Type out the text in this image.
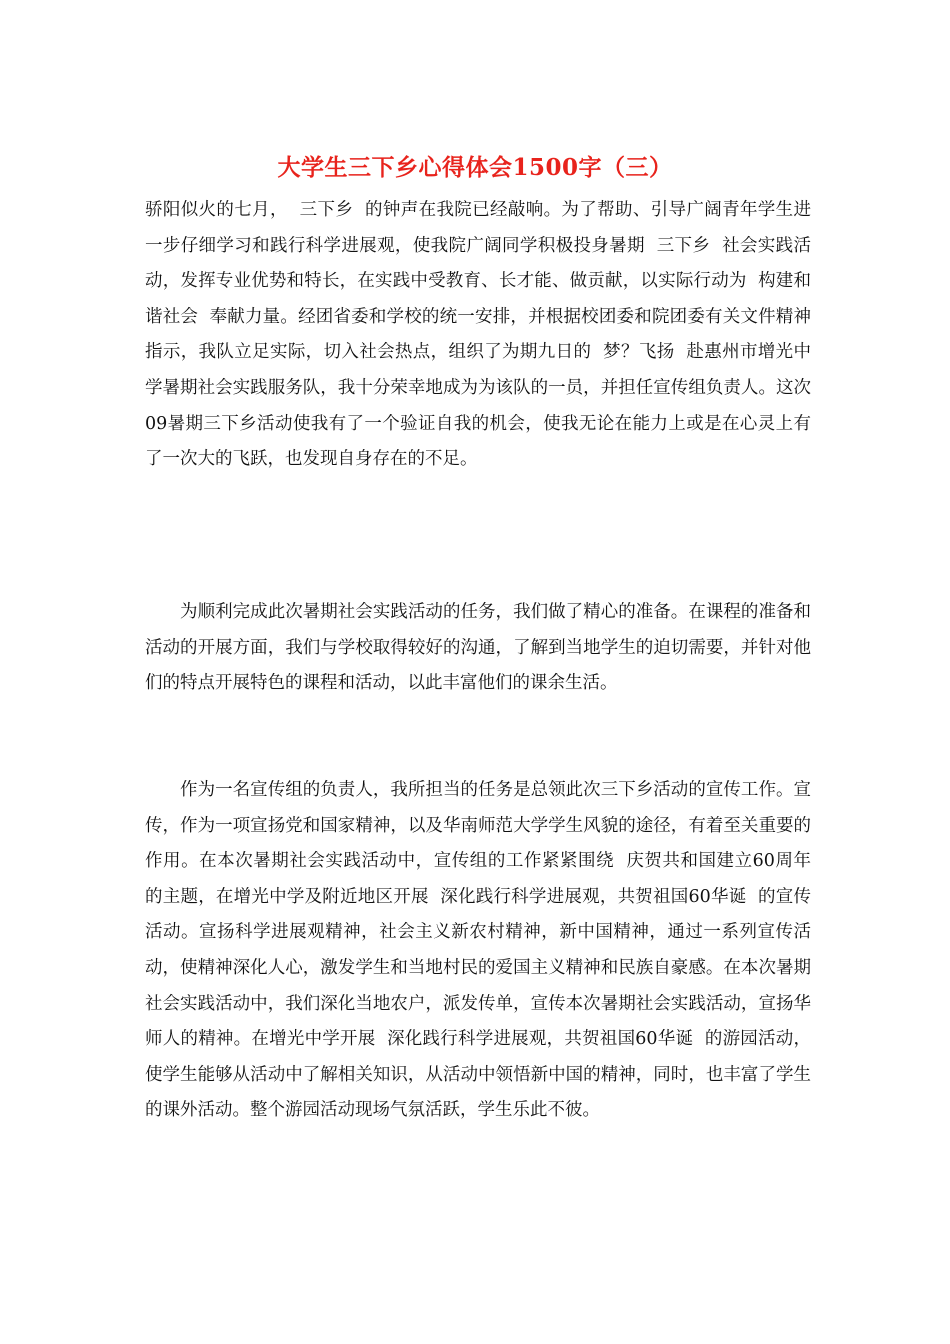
大学生三下乡心得体会1500字（三）

骄阳似火的七月，  三下乡  的钟声在我院已经敲响。为了帮助、引导广阔青年学生进一步仔细学习和践行科学进展观，使我院广阔同学积极投身暑期  三下乡  社会实践活动，发挥专业优势和特长，在实践中受教育、长才能、做贡献，以实际行动为  构建和谐社会  奉献力量。经团省委和学校的统一安排，并根据校团委和院团委有关文件精神指示，我队立足实际，切入社会热点，组织了为期九日的  梦？飞扬  赴惠州市增光中学暑期社会实践服务队，我十分荣幸地成为为该队的一员，并担任宣传组负责人。这次09暑期三下乡活动使我有了一个验证自我的机会，使我无论在能力上或是在心灵上有了一次大的飞跃，也发现自身存在的不足。

　　为顺利完成此次暑期社会实践活动的任务，我们做了精心的准备。在课程的准备和活动的开展方面，我们与学校取得较好的沟通，了解到当地学生的迫切需要，并针对他们的特点开展特色的课程和活动，以此丰富他们的课余生活。

　　作为一名宣传组的负责人，我所担当的任务是总领此次三下乡活动的宣传工作。宣传，作为一项宣扬党和国家精神，以及华南师范大学学生风貌的途径，有着至关重要的作用。在本次暑期社会实践活动中，宣传组的工作紧紧围绕  庆贺共和国建立60周年  的主题，在增光中学及附近地区开展  深化践行科学进展观，共贺祖国60华诞  的宣传活动。宣扬科学进展观精神，社会主义新农村精神，新中国精神，通过一系列宣传活动，使精神深化人心，激发学生和当地村民的爱国主义精神和民族自豪感。在本次暑期社会实践活动中，我们深化当地农户，派发传单，宣传本次暑期社会实践活动，宣扬华师人的精神。在增光中学开展  深化践行科学进展观，共贺祖国60华诞  的游园活动，使学生能够从活动中了解相关知识，从活动中领悟新中国的精神，同时，也丰富了学生的课外活动。整个游园活动现场气氛活跃，学生乐此不彼。
